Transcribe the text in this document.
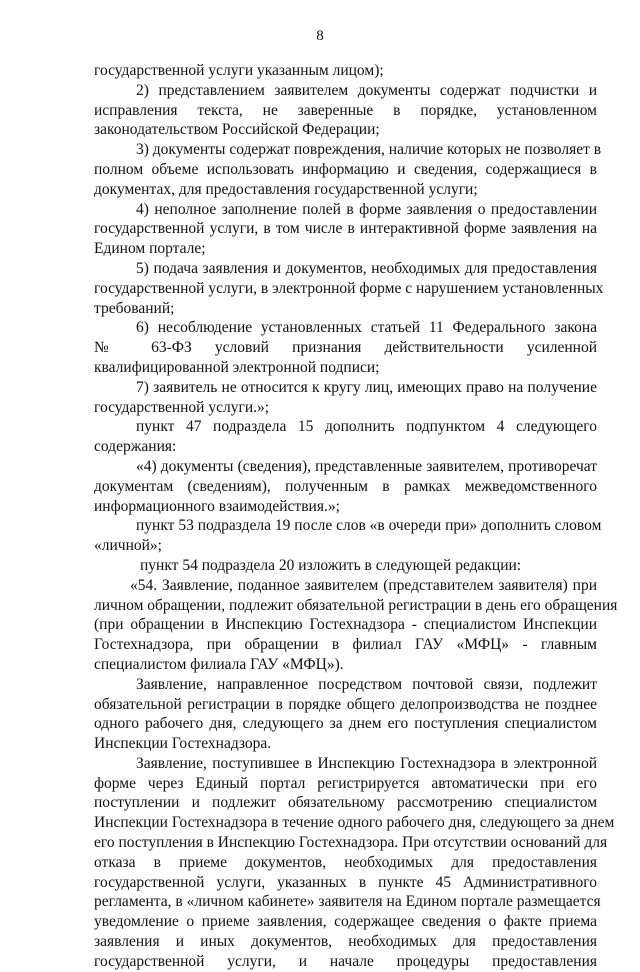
8
государственной услуги указанным лицом);
2) представлением заявителем документы содержат подчистки и
исправления текста, не заверенные в порядке, установленном
законодательством Российской Федерации;
3) документы содержат повреждения, наличие которых не позволяет в
полном объеме использовать информацию и сведения, содержащиеся в
документах, для предоставления государственной услуги;
4) неполное заполнение полей в форме заявления о предоставлении
государственной услуги, в том числе в интерактивной форме заявления на
Едином портале;
5) подача заявления и документов, необходимых для предоставления
государственной услуги, в электронной форме с нарушением установленных
требований;
6) несоблюдение установленных статьей 11 Федерального закона
№ 63-ФЗ условий признания действительности усиленной
квалифицированной электронной подписи;
7) заявитель не относится к кругу лиц, имеющих право на получение
государственной услуги.»;
пункт 47 подраздела 15 дополнить подпунктом 4 следующего
содержания:
«4) документы (сведения), представленные заявителем, противоречат
документам (сведениям), полученным в рамках межведомственного
информационного взаимодействия.»;
пункт 53 подраздела 19 после слов «в очереди при» дополнить словом
«личной»;
пункт 54 подраздела 20 изложить в следующей редакции:
«54. Заявление, поданное заявителем (представителем заявителя) при
личном обращении, подлежит обязательной регистрации в день его обращения
(при обращении в Инспекцию Гостехнадзора - специалистом Инспекции
Гостехнадзора, при обращении в филиал ГАУ «МФЦ» - главным
специалистом филиала ГАУ «МФЦ»).
Заявление, направленное посредством почтовой связи, подлежит
обязательной регистрации в порядке общего делопроизводства не позднее
одного рабочего дня, следующего за днем его поступления специалистом
Инспекции Гостехнадзора.
Заявление, поступившее в Инспекцию Гостехнадзора в электронной
форме через Единый портал регистрируется автоматически при его
поступлении и подлежит обязательному рассмотрению специалистом
Инспекции Гостехнадзора в течение одного рабочего дня, следующего за днем
его поступления в Инспекцию Гостехнадзора. При отсутствии оснований для
отказа в приеме документов, необходимых для предоставления
государственной услуги, указанных в пункте 45 Административного
регламента, в «личном кабинете» заявителя на Едином портале размещается
уведомление о приеме заявления, содержащее сведения о факте приема
заявления и иных документов, необходимых для предоставления
государственной услуги, и начале процедуры предоставления
